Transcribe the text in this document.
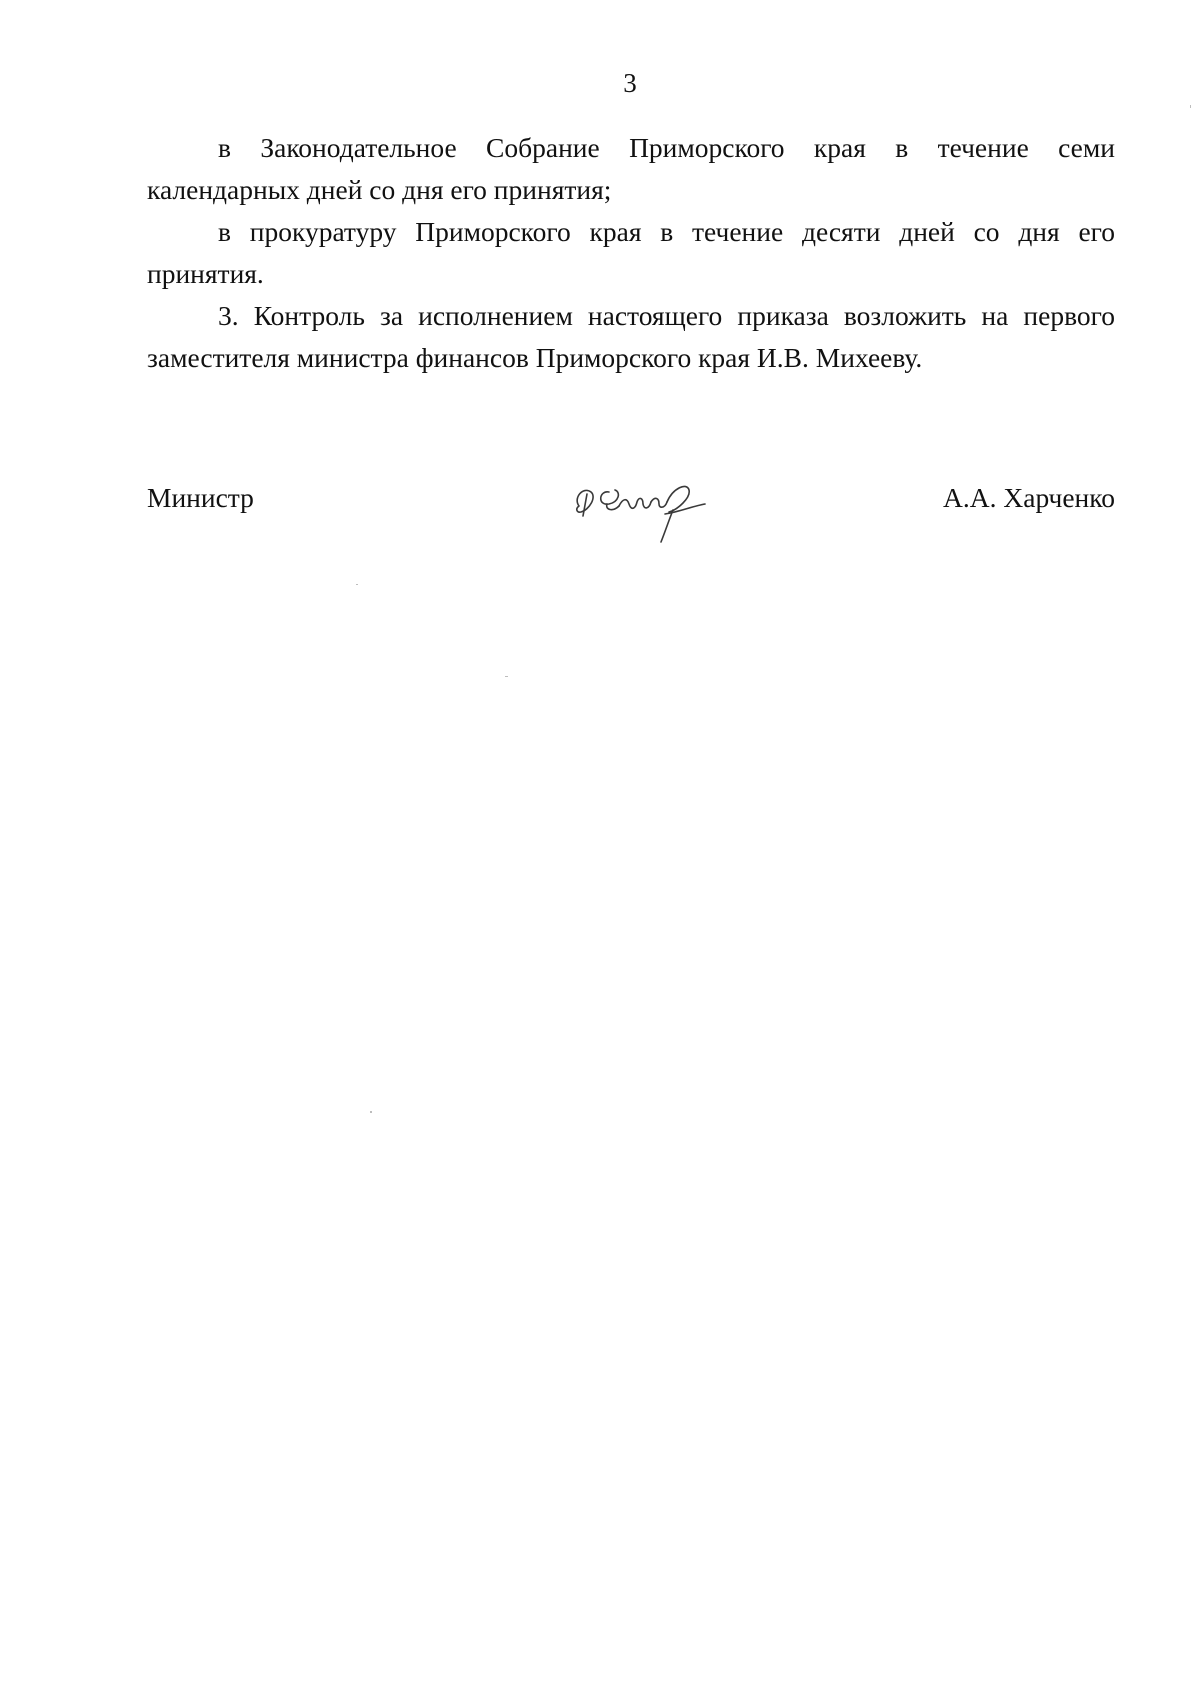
3

в Законодательное Собрание Приморского края в течение семи календарных дней со дня его принятия;

в прокуратуру Приморского края в течение десяти дней со дня его принятия.

3. Контроль за исполнением настоящего приказа возложить на первого заместителя министра финансов Приморского края И.В. Михееву.

Министр	А.А. Харченко
